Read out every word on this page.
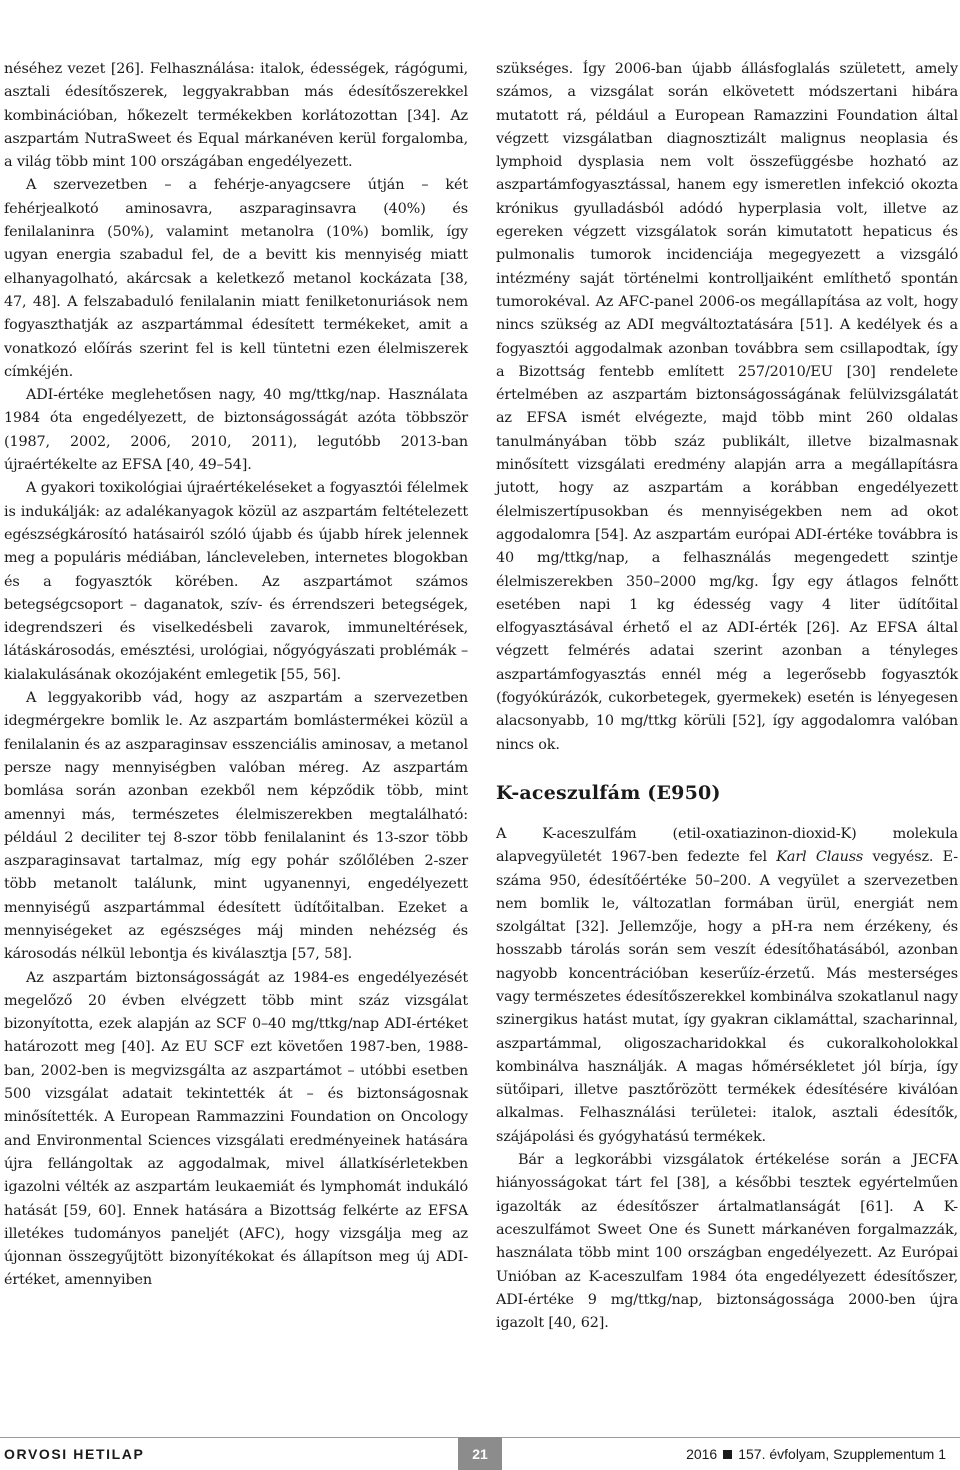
néséhez vezet [26]. Felhasználása: italok, édességek, rágógumi, asztali édesítőszerek, leggyakrabban más édesítőszerekkel kombinációban, hőkezelt termékekben korlátozottan [34]. Az aszpartám NutraSweet és Equal márkanéven kerül forgalomba, a világ több mint 100 országában engedélyezett.

A szervezetben – a fehérje-anyagcsere útján – két fehérjealkotó aminosavra, aszparaginsavra (40%) és fenilalaninra (50%), valamint metanolra (10%) bomlik, így ugyan energia szabadul fel, de a bevitt kis mennyiség miatt elhanyagolható, akárcsak a keletkező metanol kockázata [38, 47, 48]. A felszabaduló fenilalanin miatt fenilketonuriások nem fogyaszthatják az aszpartámmal édesített termékeket, amit a vonatkozó előírás szerint fel is kell tüntetni ezen élelmiszerek címkéjén.

ADI-értéke meglehetősen nagy, 40 mg/ttkg/nap. Használata 1984 óta engedélyezett, de biztonságosságát azóta többször (1987, 2002, 2006, 2010, 2011), legutóbb 2013-ban újraértékelte az EFSA [40, 49–54].

A gyakori toxikológiai újraértékeléseket a fogyasztói félelmek is indukálják: az adalékanyagok közül az aszpartám feltételezett egészségkárosító hatásairól szóló újabb és újabb hírek jelennek meg a populáris médiában, láncleveleben, internetes blogokban és a fogyasztók körében. Az aszpartámot számos betegségcsoport – daganatok, szív- és érrendszeri betegségek, idegrendszeri és viselkedésbeli zavarok, immuneltérések, látáskárosodás, emésztési, urológiai, nőgyógyászati problémák – kialakulásának okozójaként emlegetik [55, 56].

A leggyakoribb vád, hogy az aszpartám a szervezetben idegmérgekre bomlik le. Az aszpartám bomlástermékei közül a fenilalanin és az aszparaginsav esszenciális aminosav, a metanol persze nagy mennyiségben valóban méreg. Az aszpartám bomlása során azonban ezekből nem képződik több, mint amennyi más, természetes élelmiszerekben megtalálható: például 2 deciliter tej 8-szor több fenilalanint és 13-szor több aszparaginsavat tartalmaz, míg egy pohár szőlőlében 2-szer több metanolt találunk, mint ugyanennyi, engedélyezett mennyiségű aszpartámmal édesített üdítőitalban. Ezeket a mennyiségeket az egészséges máj minden nehézség és károsodás nélkül lebontja és kiválasztja [57, 58].

Az aszpartám biztonságosságát az 1984-es engedélyezését megelőző 20 évben elvégzett több mint száz vizsgálat bizonyította, ezek alapján az SCF 0–40 mg/ttkg/nap ADI-értéket határozott meg [40]. Az EU SCF ezt követően 1987-ben, 1988-ban, 2002-ben is megvizsgálta az aszpartámot – utóbbi esetben 500 vizsgálat adatait tekintették át – és biztonságosnak minősítették. A European Rammazzini Foundation on Oncology and Environmental Sciences vizsgálati eredményeinek hatására újra fellángoltak az aggodalmak, mivel állatkísérletekben igazolni vélték az aszpartám leukaemiát és lymphomát indukáló hatását [59, 60]. Ennek hatására a Bizottság felkérte az EFSA illetékes tudományos paneljét (AFC), hogy vizsgálja meg az újonnan összegyűjtött bizonyítékokat és állapítson meg új ADI-értéket, amennyiben

szükséges. Így 2006-ban újabb állásfoglalás született, amely számos, a vizsgálat során elkövetett módszertani hibára mutatott rá, például a European Ramazzini Foundation által végzett vizsgálatban diagnosztizált malignus neoplasia és lymphoid dysplasia nem volt összefüggésbe hozható az aszpartámfogyasztással, hanem egy ismeretlen infekció okozta krónikus gyulladásból adódó hyperplasia volt, illetve az egereken végzett vizsgálatok során kimutatott hepaticus és pulmonalis tumorok incidenciája megegyezett a vizsgáló intézmény saját történelmi kontrolljaiként említhető spontán tumorokéval. Az AFC-panel 2006-os megállapítása az volt, hogy nincs szükség az ADI megváltoztatására [51]. A kedélyek és a fogyasztói aggodalmak azonban továbbra sem csillapodtak, így a Bizottság fentebb említett 257/2010/EU [30] rendelete értelmében az aszpartám biztonságosságának felülvizsgálatát az EFSA ismét elvégezte, majd több mint 260 oldalas tanulmányában több száz publikált, illetve bizalmasnak minősített vizsgálati eredmény alapján arra a megállapításra jutott, hogy az aszpartám a korábban engedélyezett élelmiszertípusokban és mennyiségekben nem ad okot aggodalomra [54]. Az aszpartám európai ADI-értéke továbbra is 40 mg/ttkg/nap, a felhasználás megengedett szintje élelmiszerekben 350–2000 mg/kg. Így egy átlagos felnőtt esetében napi 1 kg édesség vagy 4 liter üdítőital elfogyasztásával érhető el az ADI-érték [26]. Az EFSA által végzett felmérés adatai szerint azonban a tényleges aszpartámfogyasztás ennél még a legerősebb fogyasztók (fogyókúrázók, cukorbetegek, gyermekek) esetén is lényegesen alacsonyabb, 10 mg/ttkg körüli [52], így aggodalomra valóban nincs ok.

K-aceszulfám (E950)

A K-aceszulfám (etil-oxatiazinon-dioxid-K) molekula alapvegyületét 1967-ben fedezte fel Karl Clauss vegyész. E-száma 950, édesítőértéke 50–200. A vegyület a szervezetben nem bomlik le, változatlan formában ürül, energiát nem szolgáltat [32]. Jellemzője, hogy a pH-ra nem érzékeny, és hosszabb tárolás során sem veszít édesítőhatásából, azonban nagyobb koncentrációban keserűíz-érzetű. Más mesterséges vagy természetes édesítőszerekkel kombinálva szokatlanul nagy szinergikus hatást mutat, így gyakran ciklamáttal, szacharinnal, aszpartámmal, oligoszacharidokkal és cukoralkoholokkal kombinálva használják. A magas hőmérsékletet jól bírja, így sütőipari, illetve pasztőrözött termékek édesítésére kiválóan alkalmas. Felhasználási területei: italok, asztali édesítők, szájápolási és gyógyhatású termékek.

Bár a legkorábbi vizsgálatok értékelése során a JECFA hiányosságokat tárt fel [38], a későbbi tesztek egyértelműen igazolták az édesítőszer ártalmatlanságát [61]. A K-aceszulfámot Sweet One és Sunett márkanéven forgalmazzák, használata több mint 100 országban engedélyezett. Az Európai Unióban az K-aceszulfam 1984 óta engedélyezett édesítőszer, ADI-értéke 9 mg/ttkg/nap, biztonságossága 2000-ben újra igazolt [40, 62].

ORVOSI HETILAP	21	2016 157. évfolyam, Szupplementum 1
